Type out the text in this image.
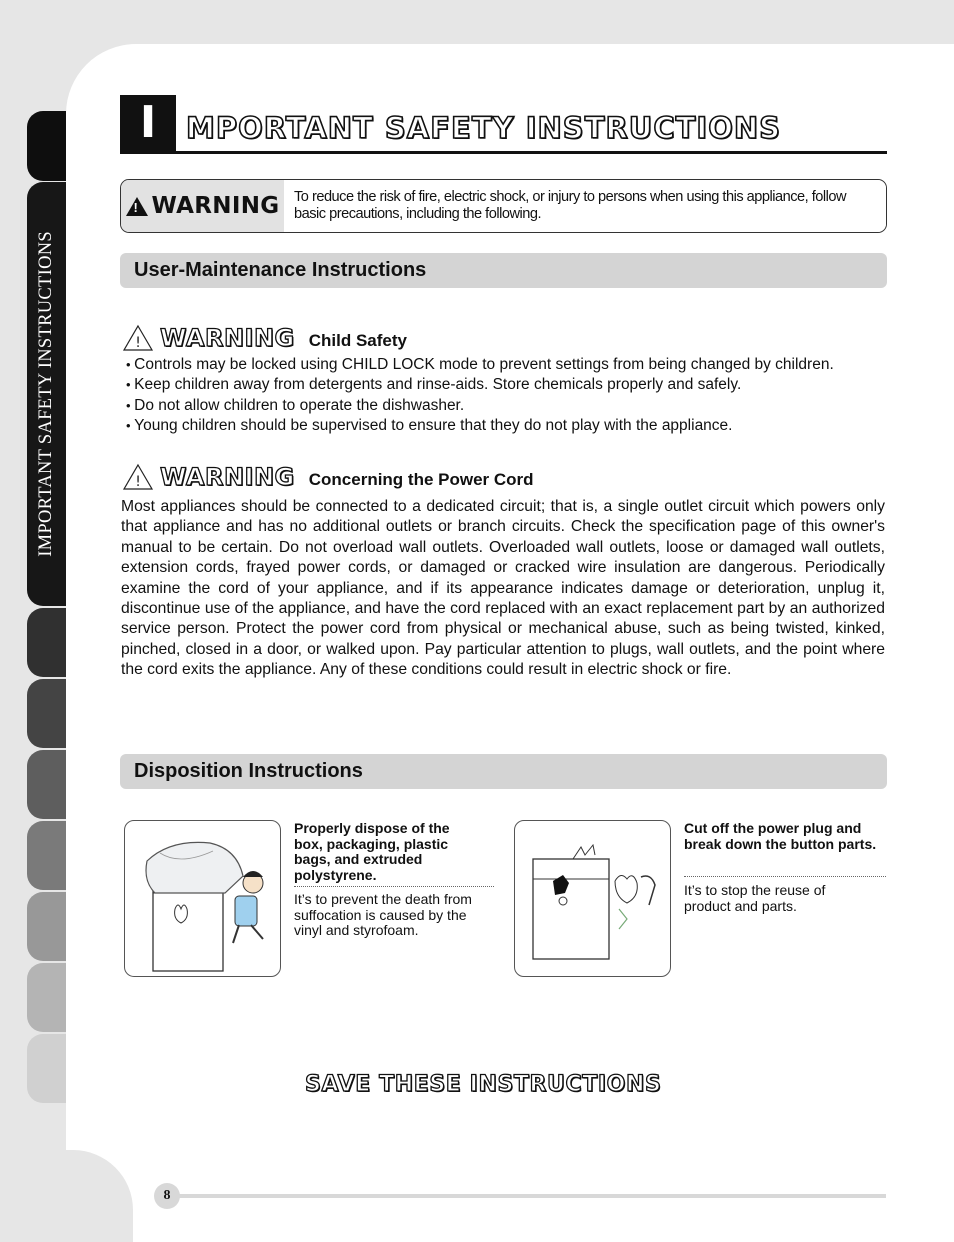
IMPORTANT SAFETY INSTRUCTIONS
I	MPORTANT SAFETY INSTRUCTIONS
!
WARNING To reduce the risk of fire, electric shock, or injury to persons when using this appliance, follow basic precautions, including the following.
User-Maintenance Instructions
! WARNING Child Safety
• Controls may be locked using CHILD LOCK mode to prevent settings from being changed by children.
• Keep children away from detergents and rinse-aids. Store chemicals properly and safely.
• Do not allow children to operate the dishwasher.
• Young children should be supervised to ensure that they do not play with the appliance.
! WARNING Concerning the Power Cord
Most appliances should be connected to a dedicated circuit; that is, a single outlet circuit which powers only that appliance and has no additional outlets or branch circuits. Check the specification page of this owner's manual to be certain. Do not overload wall outlets. Overloaded wall outlets, loose or damaged wall outlets, extension cords, frayed power cords, or damaged or cracked wire insulation are dangerous. Periodically examine the cord of your appliance, and if its appearance indicates damage or deterioration, unplug it, discontinue use of the appliance, and have the cord replaced with an exact replacement part by an authorized service person. Protect the power cord from physical or mechanical abuse, such as being twisted, kinked, pinched, closed in a door, or walked upon. Pay particular attention to plugs, wall outlets, and the point where the cord exits the appliance. Any of these conditions could result in electric shock or fire.
Disposition Instructions
Properly dispose of the box, packaging, plastic bags, and extruded polystyrene.
It’s to prevent the death from suffocation is caused by the vinyl and styrofoam.
Cut off the power plug and break down the button parts.
It’s to stop the reuse of product and parts.
SAVE THESE INSTRUCTIONS
8
